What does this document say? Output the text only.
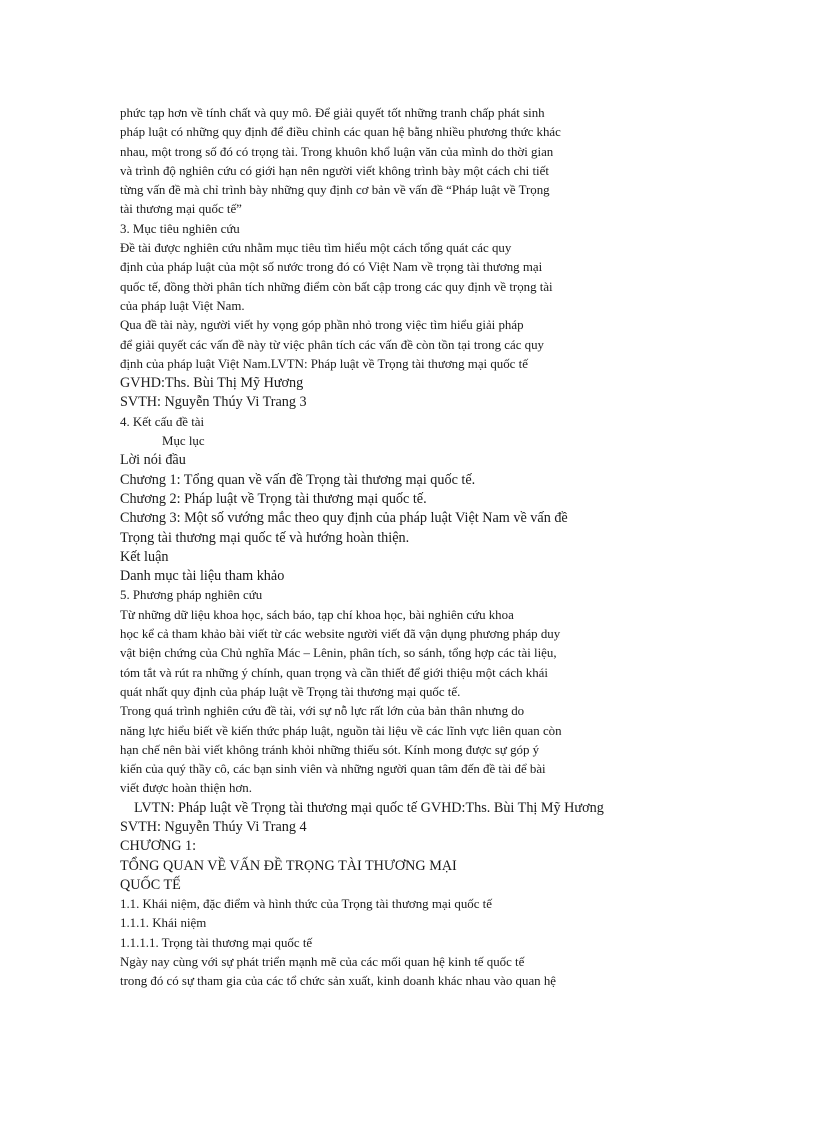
phức tạp hơn về tính chất và quy mô. Để giải quyết tốt những tranh chấp phát sinh
pháp luật có những quy định để điều chỉnh các quan hệ bằng nhiều phương thức khác
nhau, một trong số đó có trọng tài. Trong khuôn khổ luận văn của mình do thời gian
và trình độ nghiên cứu có giới hạn nên người viết không trình bày một cách chi tiết
từng vấn đề mà chỉ trình bày những quy định cơ bản về vấn đề “Pháp luật về Trọng
tài thương mại quốc tế”
3. Mục tiêu nghiên cứu
Đề tài được nghiên cứu nhằm mục tiêu tìm hiểu một cách tổng quát các quy
định của pháp luật của một số nước trong đó có Việt Nam về trọng tài thương mại
quốc tế, đồng thời phân tích những điểm còn bất cập trong các quy định về trọng tài
của pháp luật Việt Nam.
Qua đề tài này, người viết hy vọng góp phần nhỏ trong việc tìm hiểu giải pháp
để giải quyết các vấn đề này từ việc phân tích các vấn đề còn tồn tại trong các quy
định của pháp luật Việt Nam.LVTN: Pháp luật về Trọng tài thương mại quốc tế
GVHD:Ths. Bùi Thị Mỹ Hương
SVTH: Nguyễn Thúy Vi Trang 3
4. Kết cấu đề tài
Mục lục
Lời nói đầu
Chương 1: Tổng quan về vấn đề Trọng tài thương mại quốc tế.
Chương 2: Pháp luật về Trọng tài thương mại quốc tế.
Chương 3: Một số vướng mắc theo quy định của pháp luật Việt Nam về vấn đề
Trọng tài thương mại quốc tế và hướng hoàn thiện.
Kết luận
Danh mục tài liệu tham khảo
5. Phương pháp nghiên cứu
Từ những dữ liệu khoa học, sách báo, tạp chí khoa học, bài nghiên cứu khoa
học kể cả tham khảo bài viết từ các website người viết đã vận dụng phương pháp duy
vật biện chứng của Chủ nghĩa Mác – Lênin, phân tích, so sánh, tổng hợp các tài liệu,
tóm tắt và rút ra những ý chính, quan trọng và cần thiết để giới thiệu một cách khái
quát nhất quy định của pháp luật về Trọng tài thương mại quốc tế.
Trong quá trình nghiên cứu đề tài, với sự nỗ lực rất lớn của bản thân nhưng do
năng lực hiểu biết về kiến thức pháp luật, nguồn tài liệu về các lĩnh vực liên quan còn
hạn chế nên bài viết không tránh khỏi những thiếu sót. Kính mong được sự góp ý
kiến của quý thầy cô, các bạn sinh viên và những người quan tâm đến đề tài để bài
viết được hoàn thiện hơn.
LVTN: Pháp luật về Trọng tài thương mại quốc tế GVHD:Ths. Bùi Thị Mỹ Hương
SVTH: Nguyễn Thúy Vi Trang 4
CHƯƠNG 1:
TỔNG QUAN VỀ VẤN ĐỀ TRỌNG TÀI THƯƠNG MẠI
QUỐC TẾ
1.1. Khái niệm, đặc điểm và hình thức của Trọng tài thương mại quốc tế
1.1.1. Khái niệm
1.1.1.1. Trọng tài thương mại quốc tế
Ngày nay cùng với sự phát triển mạnh mẽ của các mối quan hệ kinh tế quốc tế
trong đó có sự tham gia của các tổ chức sản xuất, kinh doanh khác nhau vào quan hệ
